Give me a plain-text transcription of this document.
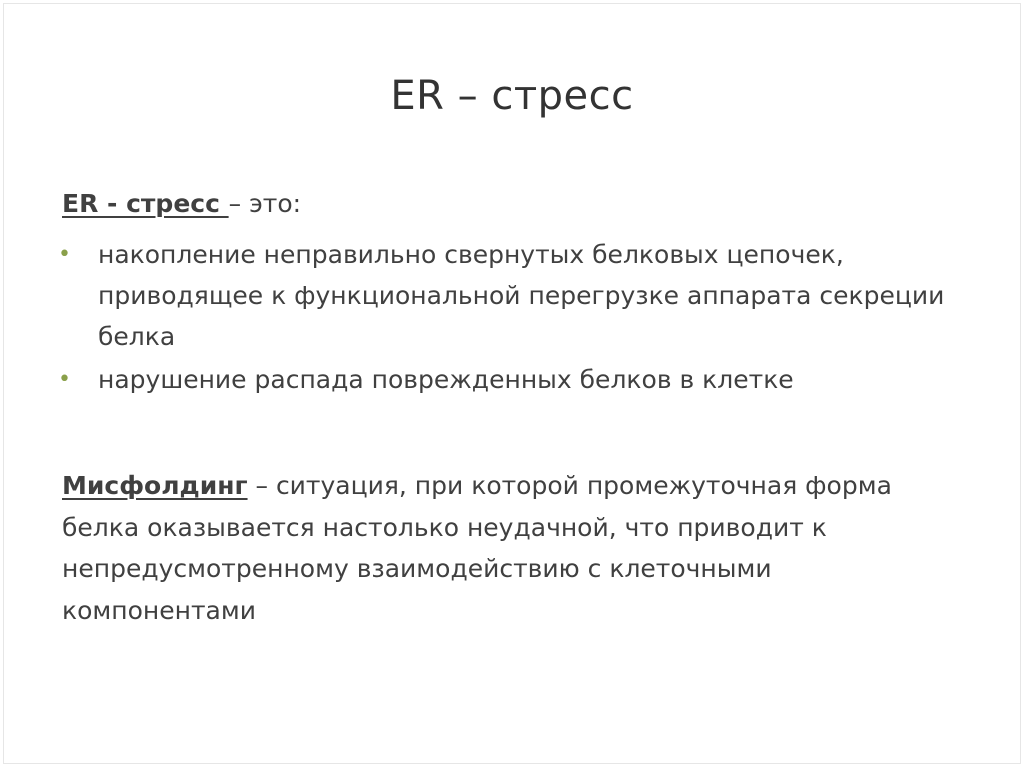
ER – стресс
ER - стресс – это:
•	накопление неправильно свернутых белковых цепочек, приводящее к функциональной перегрузке аппарата секреции белка
•	нарушение распада поврежденных белков в клетке
Мисфолдинг – ситуация, при которой промежуточная форма белка оказывается настолько неудачной, что приводит к непредусмотренному взаимодействию с клеточными компонентами
